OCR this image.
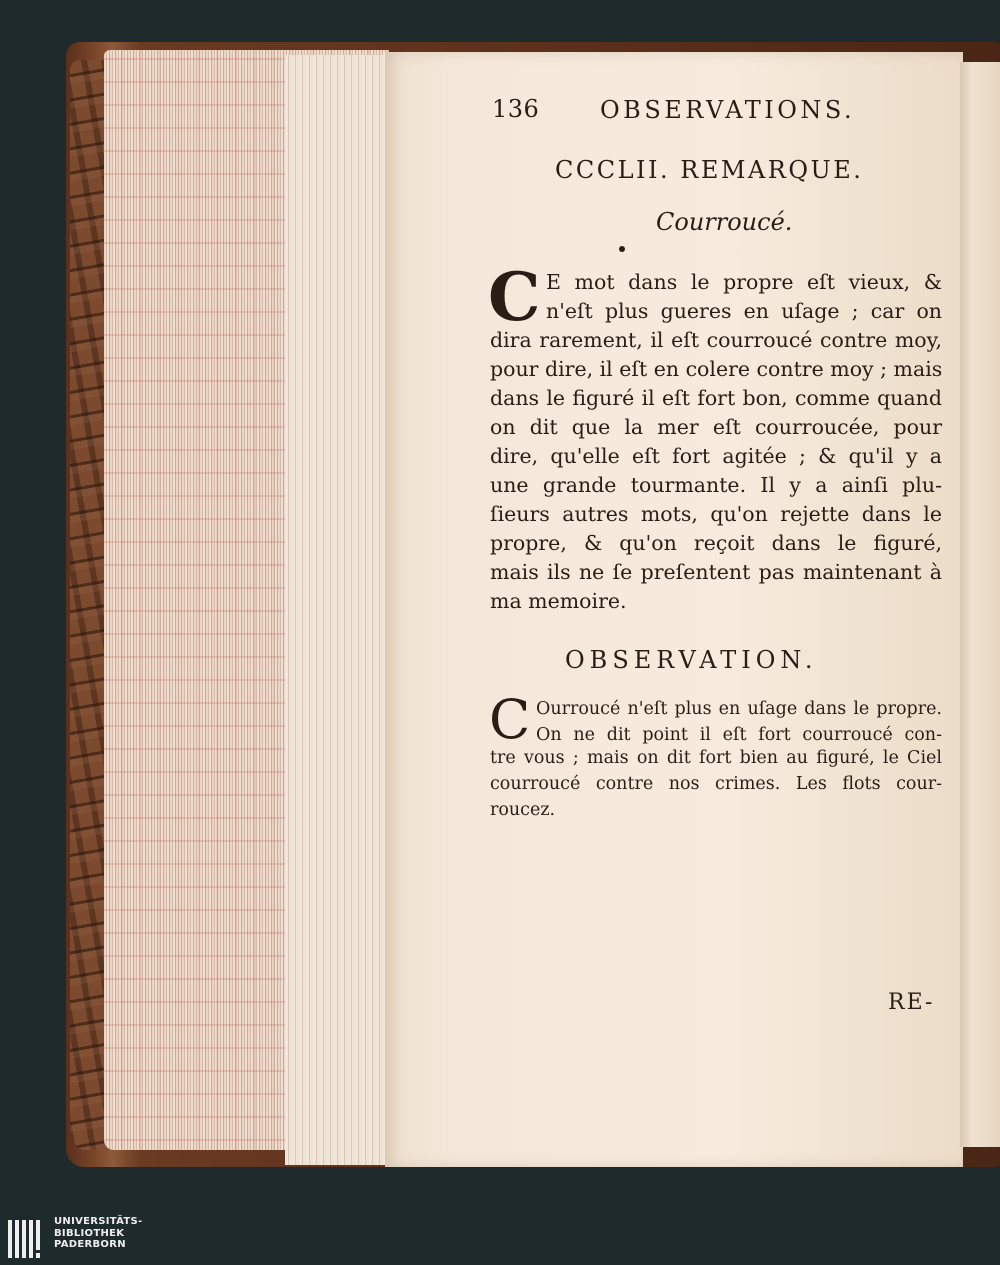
136	OBSERVATIONS.
CCCLII. REMARQUE.
Courroucé.
C E mot dans le propre eſt vieux, &
n'eſt plus gueres en uſage ; car on
dira rarement, il eſt courroucé contre moy,
pour dire, il eſt en colere contre moy ; mais
dans le figuré il eſt fort bon, comme quand
on dit que la mer eſt courroucée, pour
dire, qu'elle eſt fort agitée ; & qu'il y a
une grande tourmante. Il y a ainſi plu-
ſieurs autres mots, qu'on rejette dans le
propre, & qu'on reçoit dans le figuré,
mais ils ne ſe preſentent pas maintenant à
ma memoire.
OBSERVATION.
C Ourroucé n'eſt plus en uſage dans le propre.
On ne dit point il eſt fort courroucé con-
tre vous ; mais on dit fort bien au figuré, le Ciel
courroucé contre nos crimes. Les flots cour-
roucez.
RE-
UNIVERSITÄTS-
BIBLIOTHEK
PADERBORN
